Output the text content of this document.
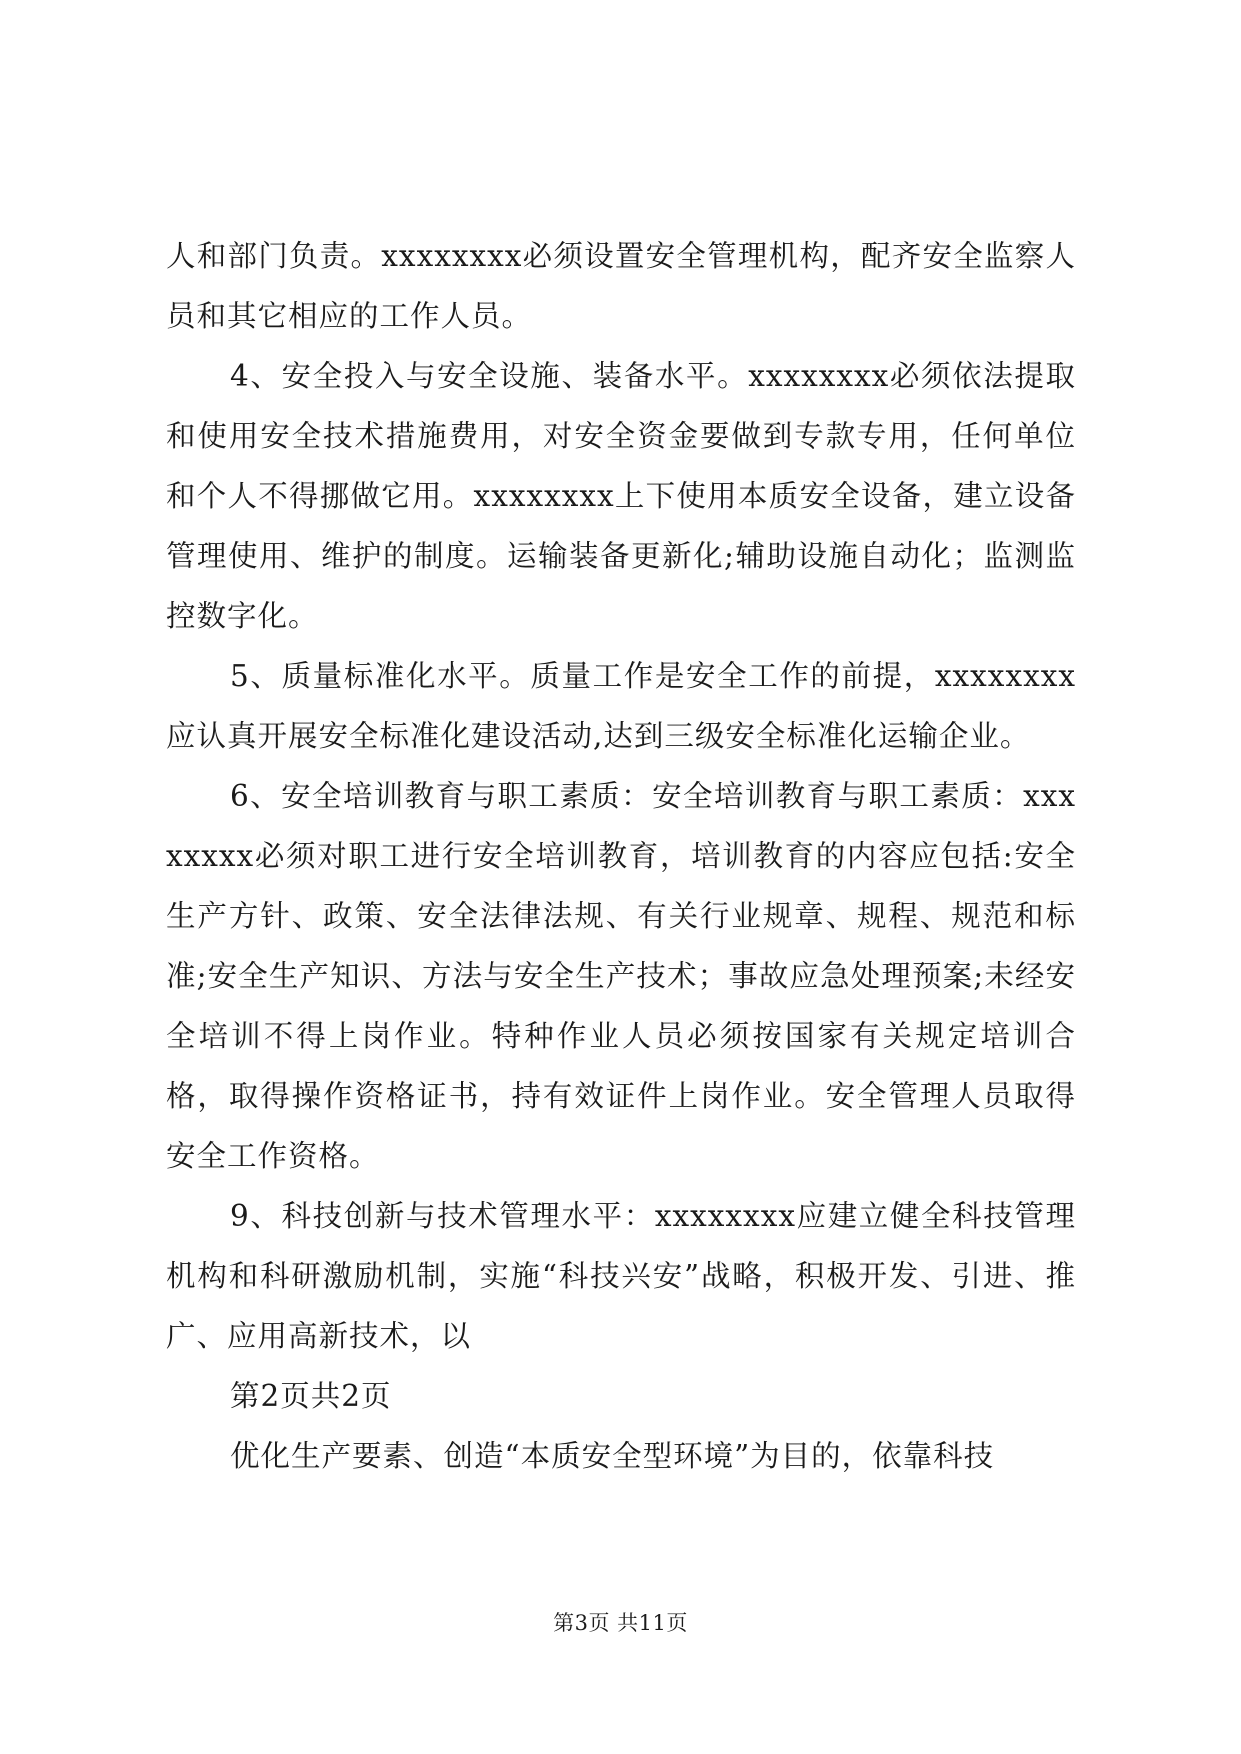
人和部门负责。xxxxxxxx必须设置安全管理机构，配齐安全监察人员和其它相应的工作人员。

4、安全投入与安全设施、装备水平。xxxxxxxx必须依法提取和使用安全技术措施费用，对安全资金要做到专款专用，任何单位和个人不得挪做它用。xxxxxxxx上下使用本质安全设备，建立设备管理使用、维护的制度。运输装备更新化;辅助设施自动化；监测监控数字化。

5、质量标准化水平。质量工作是安全工作的前提，xxxxxxxx应认真开展安全标准化建设活动,达到三级安全标准化运输企业。

6、安全培训教育与职工素质：安全培训教育与职工素质：xxxxxxxx必须对职工进行安全培训教育，培训教育的内容应包括:安全生产方针、政策、安全法律法规、有关行业规章、规程、规范和标准;安全生产知识、方法与安全生产技术；事故应急处理预案;未经安全培训不得上岗作业。特种作业人员必须按国家有关规定培训合格，取得操作资格证书，持有效证件上岗作业。安全管理人员取得安全工作资格。

9、科技创新与技术管理水平：xxxxxxxx应建立健全科技管理机构和科研激励机制，实施“科技兴安”战略，积极开发、引进、推广、应用高新技术，以

第2页共2页

优化生产要素、创造“本质安全型环境”为目的，依靠科技

第3页 共11页
